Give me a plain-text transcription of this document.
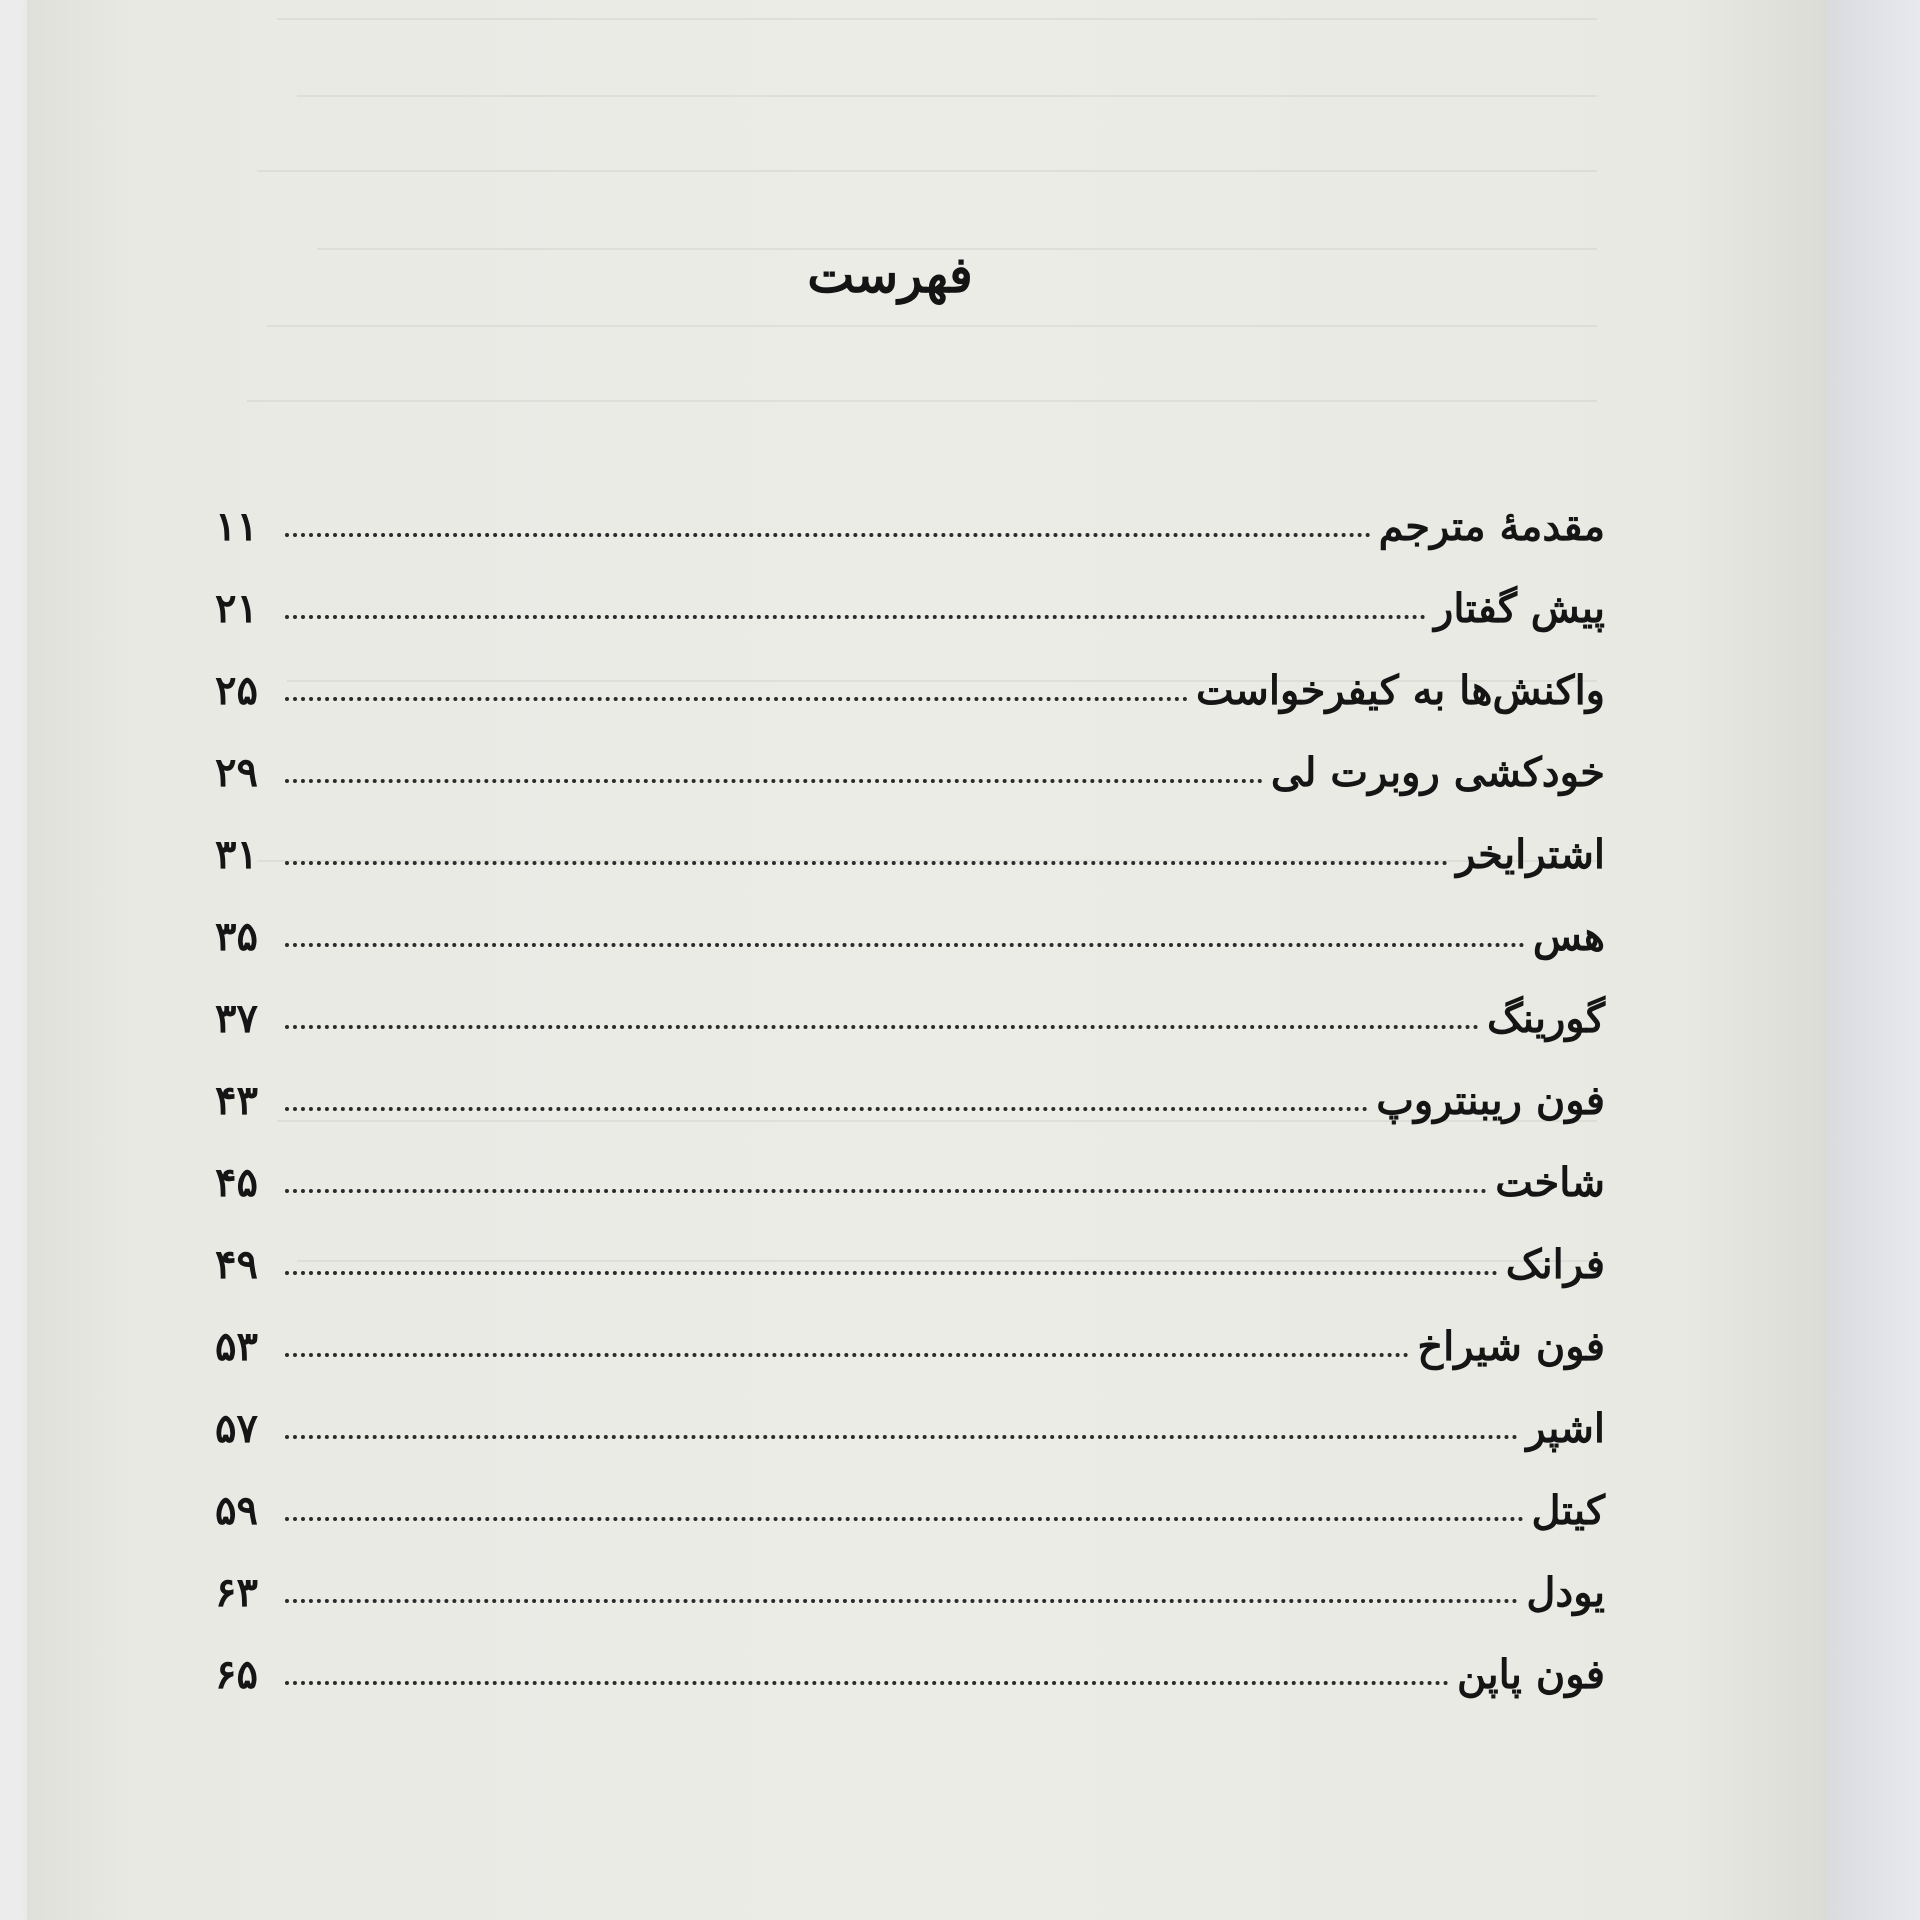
فهرست
مقدمهٔ مترجم
۱۱
پیش گفتار
۲۱
واکنش‌ها به کیفرخواست
۲۵
خودکشی روبرت لی
۲۹
اشترایخر
۳۱
هس
۳۵
گورینگ
۳۷
فون ریبنتروپ
۴۳
شاخت
۴۵
فرانک
۴۹
فون شیراخ
۵۳
اشپر
۵۷
کیتل
۵۹
یودل
۶۳
فون پاپن
۶۵
